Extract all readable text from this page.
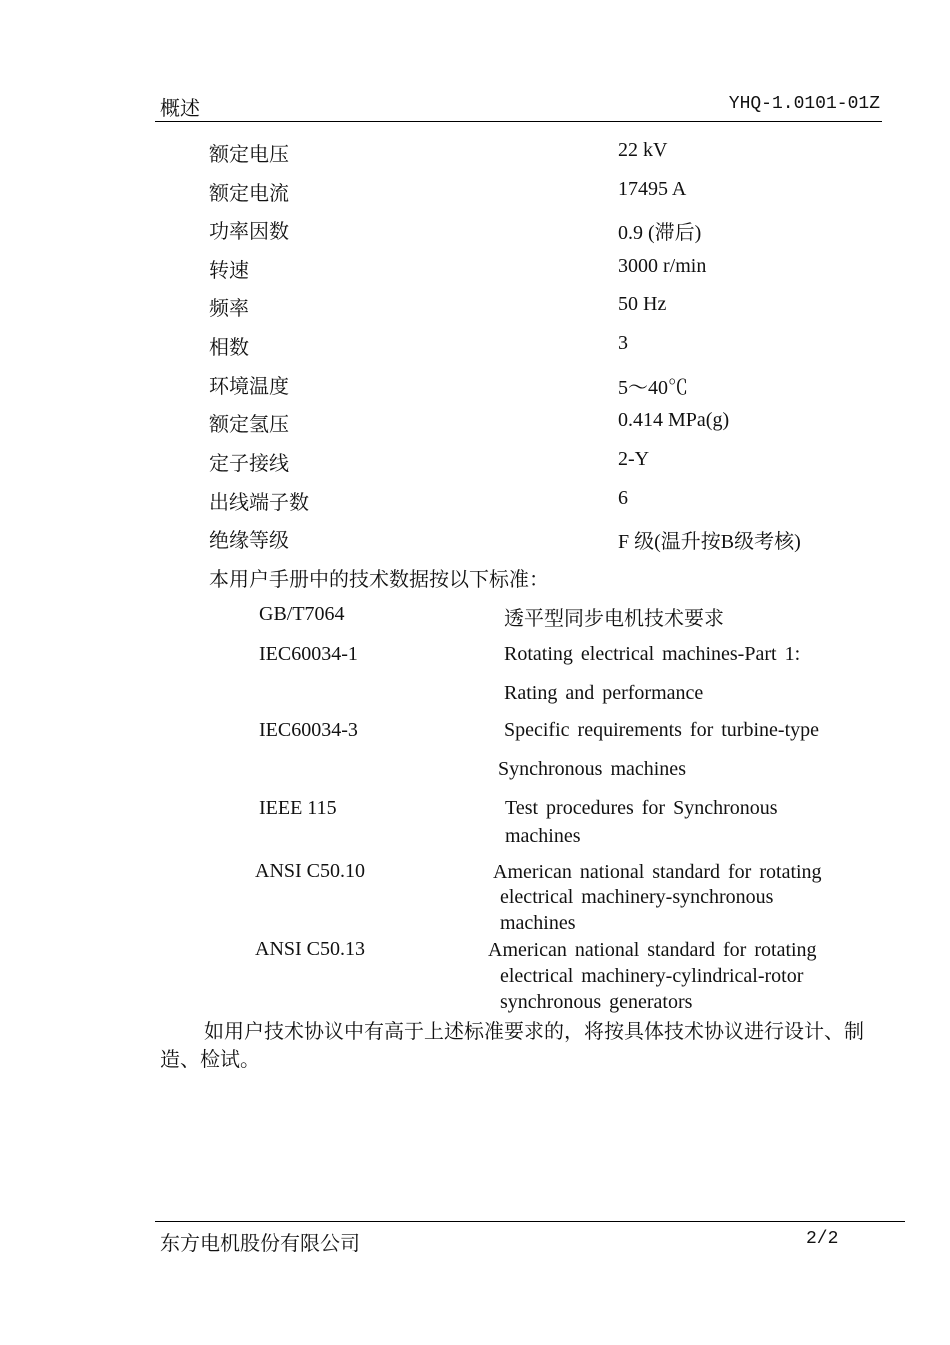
概述	YHQ-1.0101-01Z
额定电压	22 kV
额定电流	17495 A
功率因数	0.9 (滞后)
转速	3000 r/min
频率	50 Hz
相数	3
环境温度	5～40℃
额定氢压	0.414 MPa(g)
定子接线	2-Y
出线端子数	6
绝缘等级	F 级(温升按B级考核)
本用户手册中的技术数据按以下标准：
GB/T7064	透平型同步电机技术要求
IEC60034-1	Rotating electrical machines-Part 1:
Rating and performance
IEC60034-3	Specific requirements for turbine-type
Synchronous machines
IEEE 115	Test procedures for Synchronous
machines
ANSI C50.10	American national standard for rotating
electrical machinery-synchronous
machines
ANSI C50.13	American national standard for rotating
electrical machinery-cylindrical-rotor
synchronous generators
如用户技术协议中有高于上述标准要求的，将按具体技术协议进行设计、制造、检试。
东方电机股份有限公司	2/2
